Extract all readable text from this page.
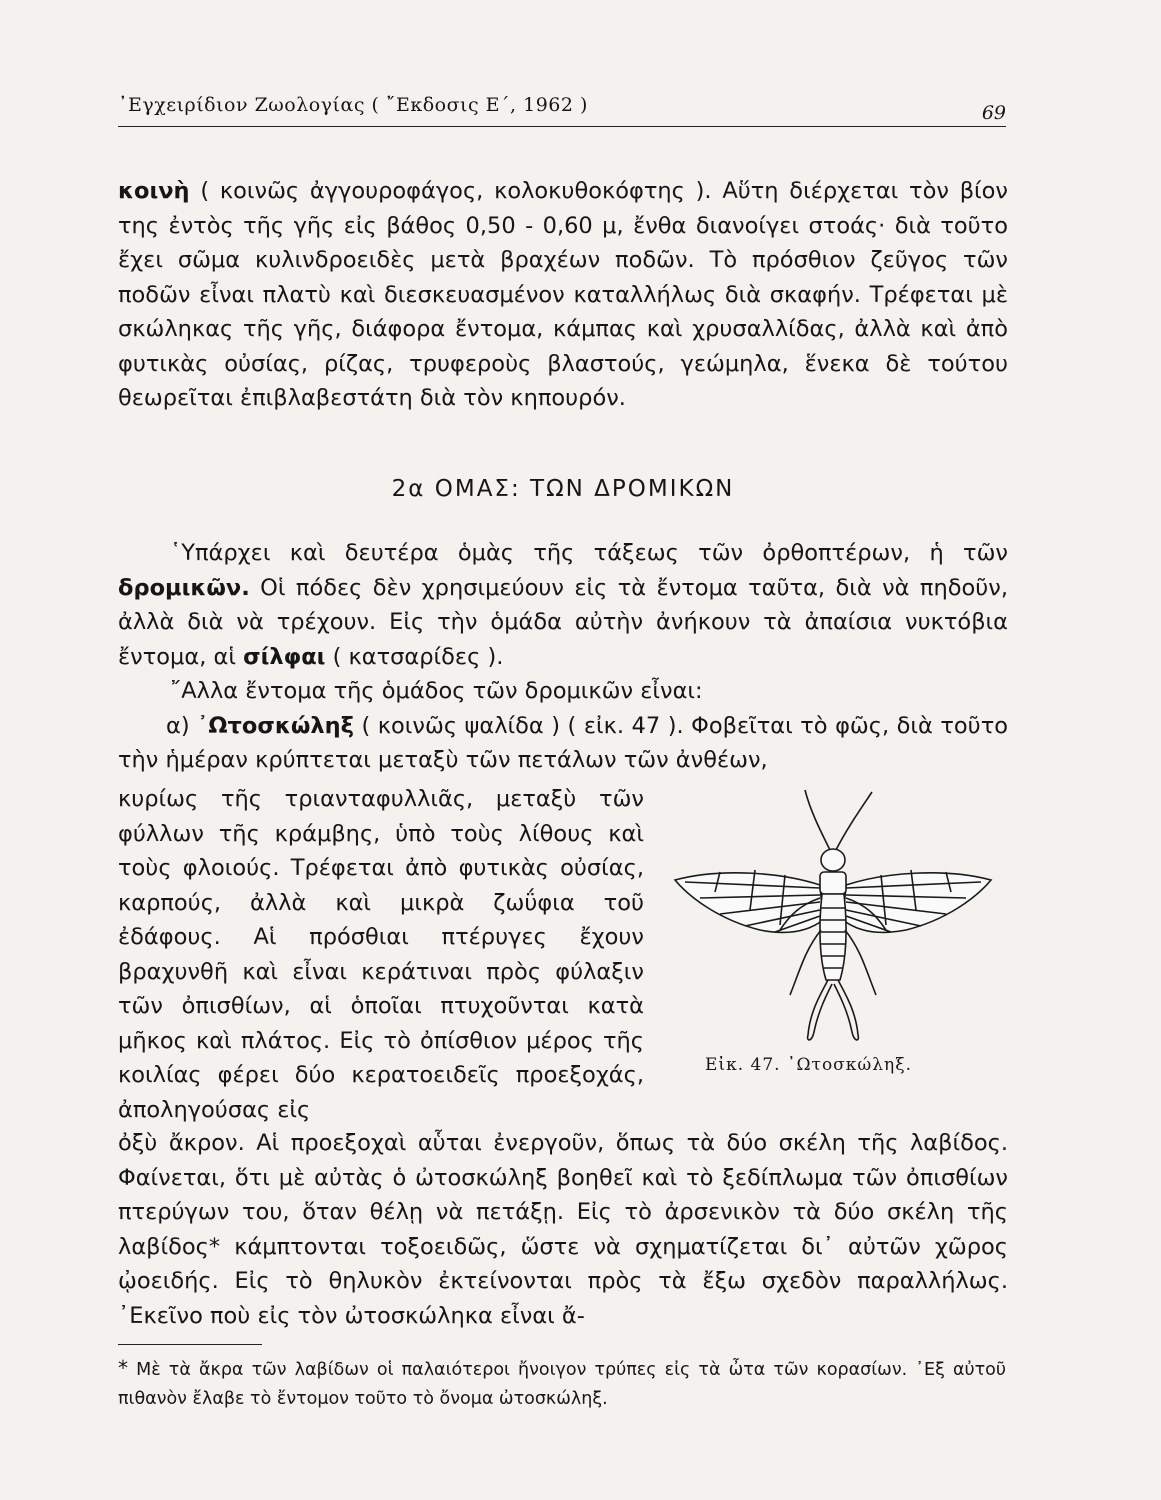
᾿Εγχειρίδιον Ζωολογίας ( ῎Εκδοσις Ε΄, 1962 )	69
κοινὴ ( κοινῶς ἀγγουροφάγος, κολοκυθοκόφτης ). Αὕτη διέρχεται τὸν βίον της ἐντὸς τῆς γῆς εἰς βάθος 0,50 - 0,60 μ, ἔνθα διανοίγει στοάς· διὰ τοῦτο ἔχει σῶμα κυλινδροειδὲς μετὰ βραχέων ποδῶν. Τὸ πρόσθιον ζεῦγος τῶν ποδῶν εἶναι πλατὺ καὶ διεσκευασμένον καταλλήλως διὰ σκαφήν. Τρέφεται μὲ σκώληκας τῆς γῆς, διάφορα ἔντομα, κάμπας καὶ χρυσαλλίδας, ἀλλὰ καὶ ἀπὸ φυτικὰς οὐσίας, ρίζας, τρυφεροὺς βλαστούς, γεώμηλα, ἕνεκα δὲ τούτου θεωρεῖται ἐπιβλαβεστάτη διὰ τὸν κηπουρόν.
2α ΟΜΑΣ: ΤΩΝ ΔΡΟΜΙΚΩΝ
῾Υπάρχει καὶ δευτέρα ὁμὰς τῆς τάξεως τῶν ὀρθοπτέρων, ἡ τῶν δρομικῶν. Οἱ πόδες δὲν χρησιμεύουν εἰς τὰ ἔντομα ταῦτα, διὰ νὰ πηδοῦν, ἀλλὰ διὰ νὰ τρέχουν. Εἰς τὴν ὁμάδα αὐτὴν ἀνήκουν τὰ ἀπαίσια νυκτόβια ἔντομα, αἱ σίλφαι ( κατσαρίδες ).
῎Αλλα ἔντομα τῆς ὁμάδος τῶν δρομικῶν εἶναι:
α) ᾿Ωτοσκώληξ ( κοινῶς ψαλίδα ) ( εἰκ. 47 ). Φοβεῖται τὸ φῶς, διὰ τοῦτο τὴν ἡμέραν κρύπτεται μεταξὺ τῶν πετάλων τῶν ἀνθέων,
κυρίως τῆς τριανταφυλλιᾶς, μεταξὺ τῶν φύλλων τῆς κράμβης, ὑπὸ τοὺς λίθους καὶ τοὺς φλοιούς. Τρέφεται ἀπὸ φυτικὰς οὐσίας, καρπούς, ἀλλὰ καὶ μικρὰ ζωΰφια τοῦ ἐδάφους. Αἱ πρόσθιαι πτέρυγες ἔχουν βραχυνθῆ καὶ εἶναι κεράτιναι πρὸς φύλαξιν τῶν ὀπισθίων, αἱ ὁποῖαι πτυχοῦνται κατὰ μῆκος καὶ πλάτος. Εἰς τὸ ὀπίσθιον μέρος τῆς κοιλίας φέρει δύο κερατοειδεῖς προεξοχάς, ἀποληγούσας εἰς
Εἰκ. 47. ᾿Ωτοσκώληξ.
ὀξὺ ἄκρον. Αἱ προεξοχαὶ αὗται ἐνεργοῦν, ὅπως τὰ δύο σκέλη τῆς λαβίδος. Φαίνεται, ὅτι μὲ αὐτὰς ὁ ὠτοσκώληξ βοηθεῖ καὶ τὸ ξεδίπλωμα τῶν ὀπισθίων πτερύγων του, ὅταν θέλῃ νὰ πετάξῃ. Εἰς τὸ ἀρσενικὸν τὰ δύο σκέλη τῆς λαβίδος* κάμπτονται τοξοειδῶς, ὥστε νὰ σχηματίζεται δι᾿ αὐτῶν χῶρος ᾠοειδής. Εἰς τὸ θηλυκὸν ἐκτείνονται πρὸς τὰ ἔξω σχεδὸν παραλλήλως. ᾿Εκεῖνο ποὺ εἰς τὸν ὠτοσκώληκα εἶναι ἄ-
* Μὲ τὰ ἄκρα τῶν λαβίδων οἱ παλαιότεροι ἤνοιγον τρύπες εἰς τὰ ὦτα τῶν κορασίων. ᾿Εξ αὐτοῦ πιθανὸν ἔλαβε τὸ ἔντομον τοῦτο τὸ ὄνομα ὠτοσκώληξ.
